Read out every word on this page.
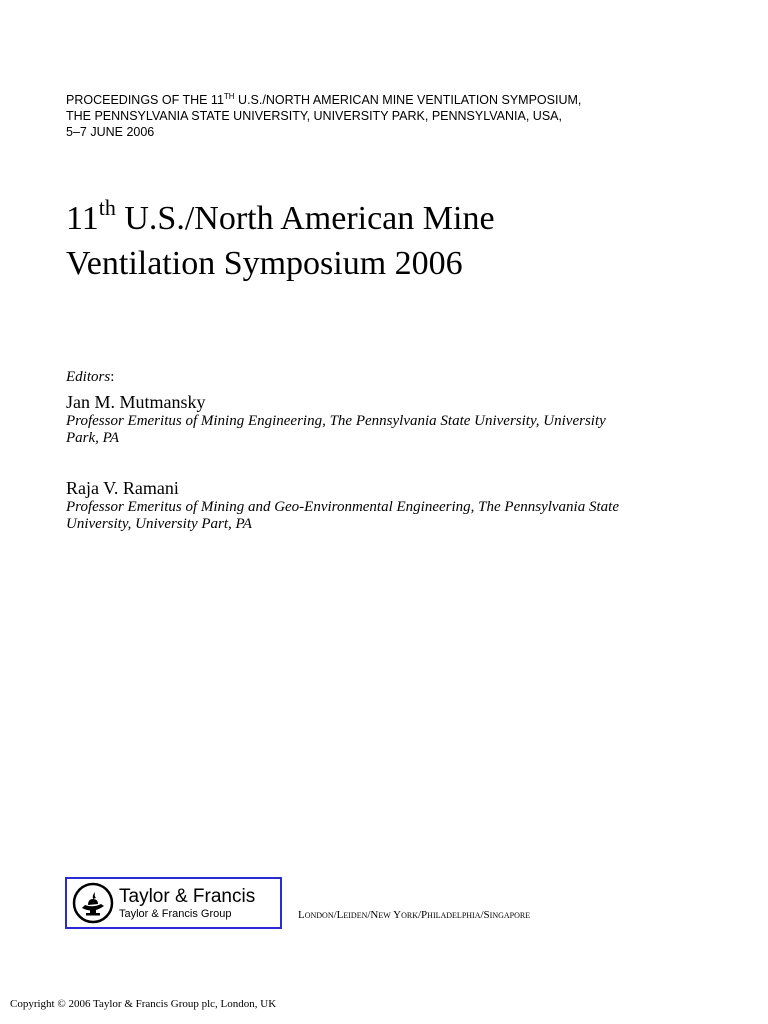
PROCEEDINGS OF THE 11TH U.S./NORTH AMERICAN MINE VENTILATION SYMPOSIUM,
THE PENNSYLVANIA STATE UNIVERSITY, UNIVERSITY PARK, PENNSYLVANIA, USA,
5–7 JUNE 2006
11th U.S./North American Mine
Ventilation Symposium 2006
Editors:
Jan M. Mutmansky
Professor Emeritus of Mining Engineering, The Pennsylvania State University, University
Park, PA
Raja V. Ramani
Professor Emeritus of Mining and Geo-Environmental Engineering, The Pennsylvania State
University, University Part, PA
Taylor & Francis
Taylor & Francis Group	London/Leiden/New York/Philadelphia/Singapore
Copyright © 2006 Taylor & Francis Group plc, London, UK
